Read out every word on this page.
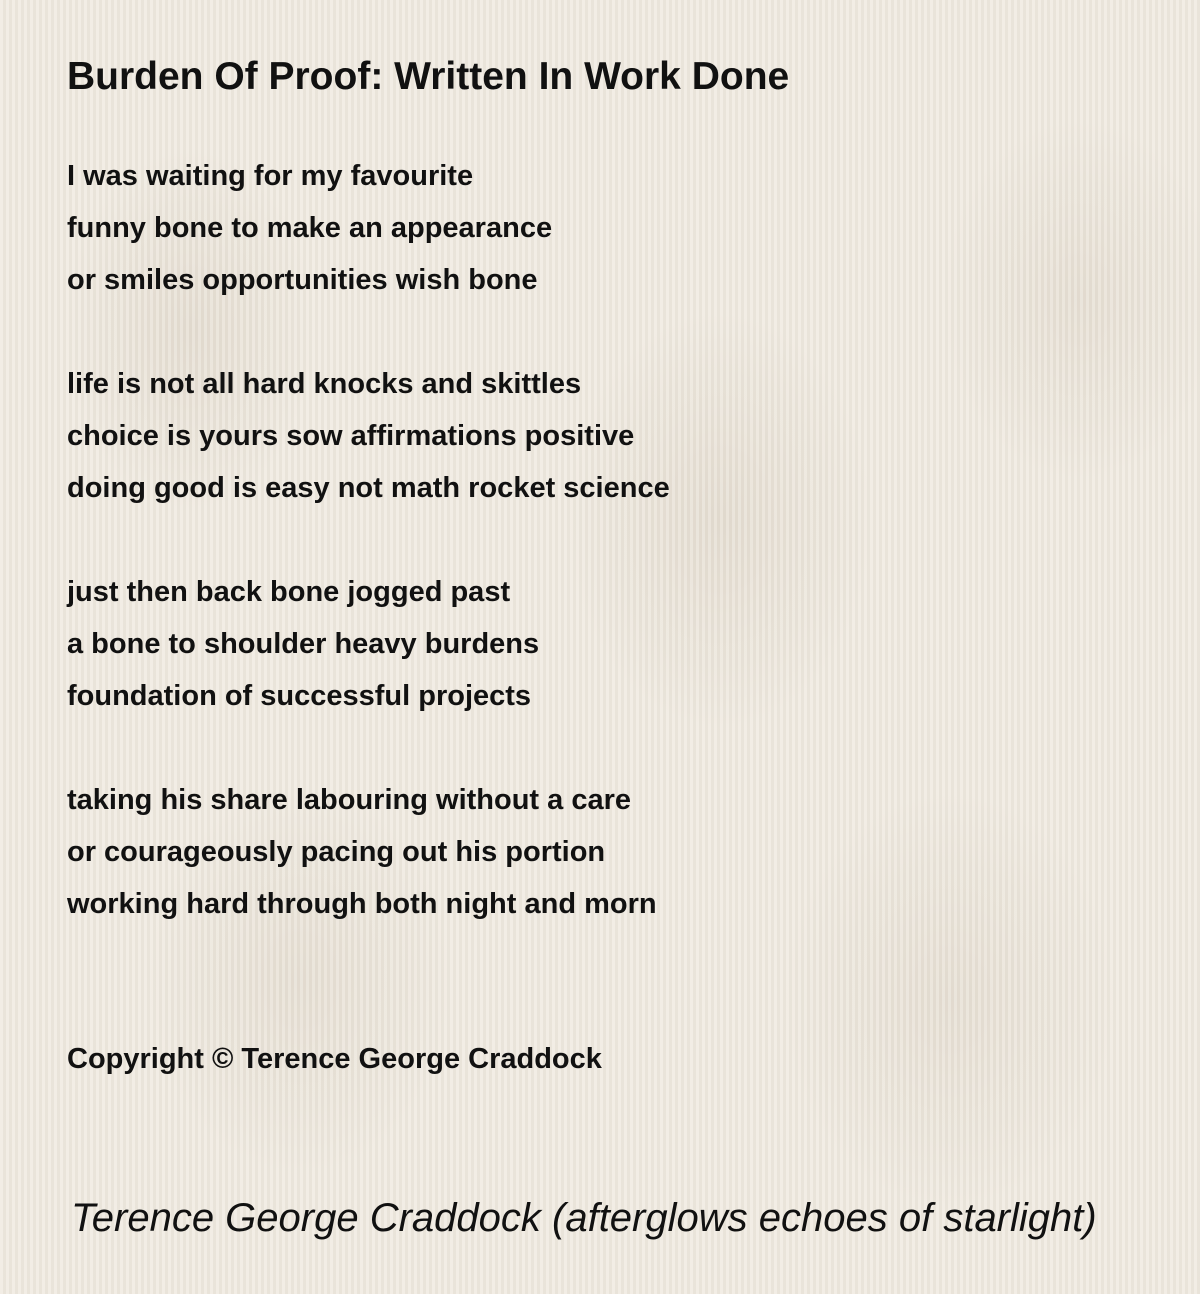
Burden Of Proof: Written In Work Done
I was waiting for my favourite
funny bone to make an appearance
or smiles opportunities wish bone
life is not all hard knocks and skittles
choice is yours sow affirmations positive
doing good is easy not math rocket science
just then back bone jogged past
a bone to shoulder heavy burdens
foundation of successful projects
taking his share labouring without a care
or courageously pacing out his portion
working hard through both night and morn
Copyright © Terence George Craddock
Terence George Craddock (afterglows echoes of starlight)
